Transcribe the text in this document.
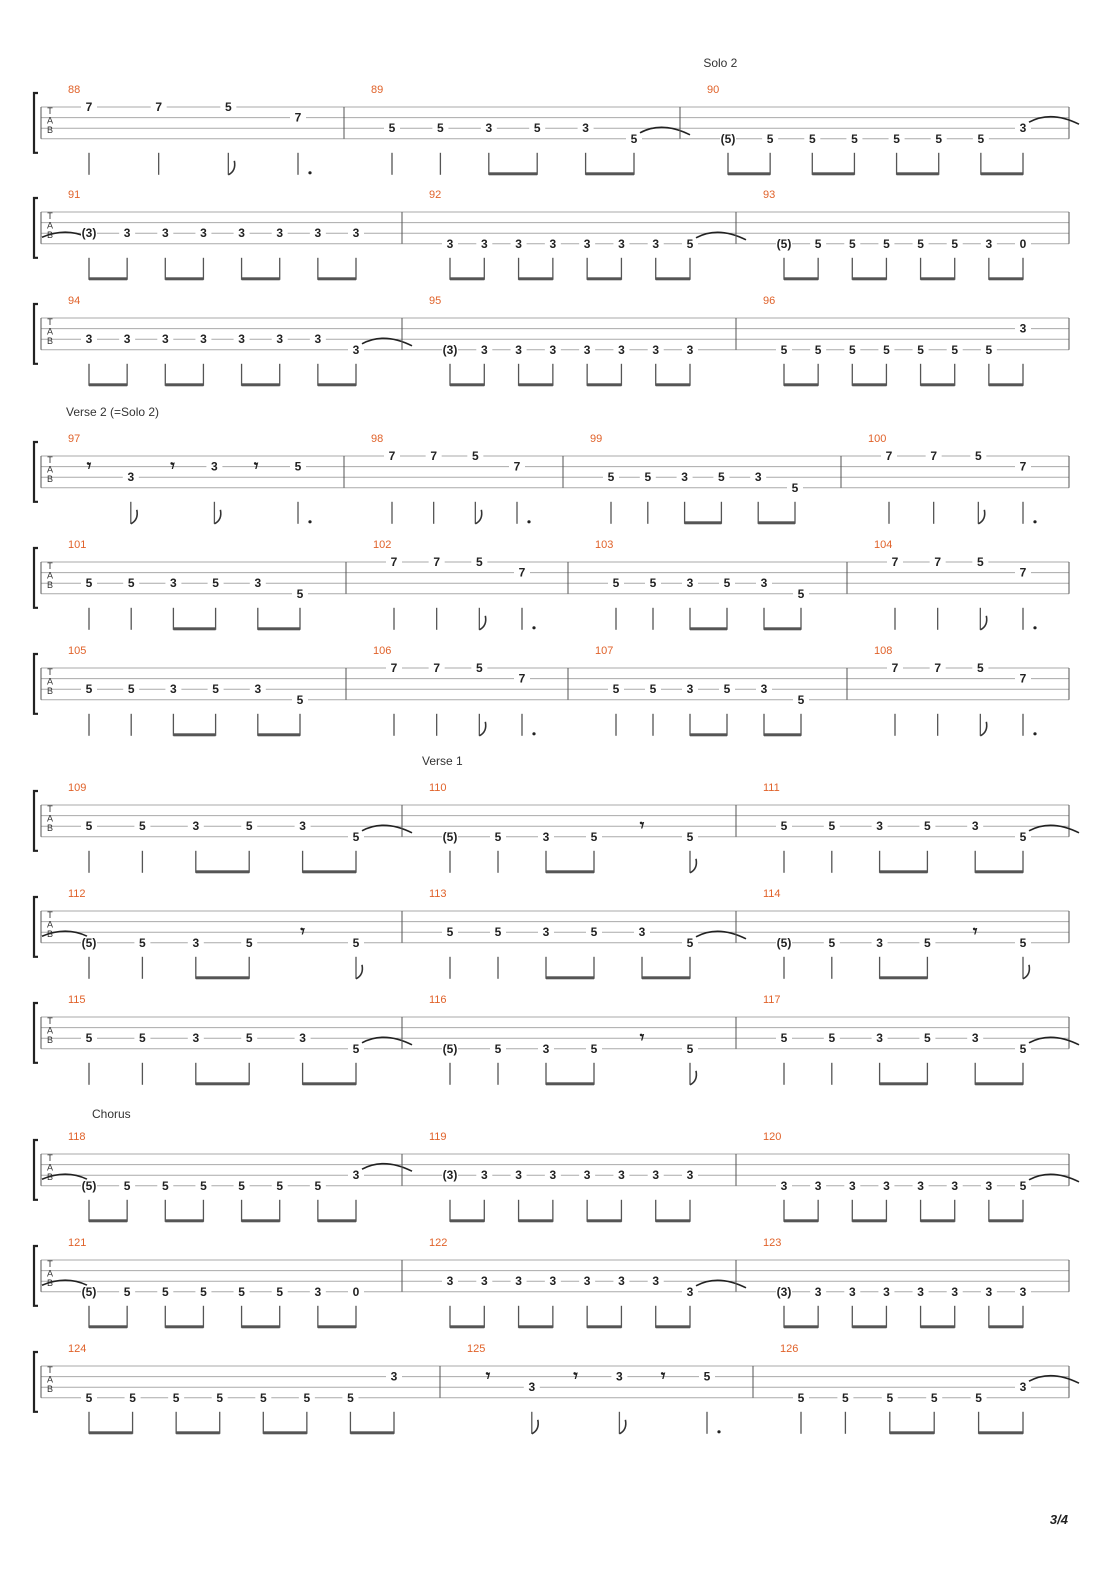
T
A
B
88
7	7	5
7
89
5	5	3	5	3
5
90
Solo 2
(5)	5	5	5	5	5	5
3
T
A
B
91
(3) 3	3	3	3	3	3	3
92
3 3 3 3 3 3 3 5
93
(5) 5 5 5 5 5 3 0
T
A
B
94
3	3	3	3	3	3	3
3
95
(3) 3 3 3 3 3 3 3
96
5 5 5 5 5 5 5
3
T
A
B
97
Verse 2 (=Solo 2)
𝄾
3
𝄾	3 𝄾	5
98
7	7	5
7
99
5	5	3	5	3
5
100
7	7	5
7
T
A
B
101
5	5	3	5	3
5
102
7	7	5
7
103
5	5	3	5	3
5
104
7	7	5
7
T
A
B
105
5	5	3	5	3
5
106
7	7	5
7
107
5	5	3	5	3
5
108
7	7	5
7
T
A
B
109
5	5	3	5	3
5
110
Verse 1
(5)	5	3	5
𝄾
5
111
5	5	3	5	3
5
T
A
B
112
(5)	5	3	5
𝄾
5
113
5	5	3	5	3
5
114
(5)	5	3	5
𝄾
5
T
A
B
115
5	5	3	5	3
5
116
(5)	5	3	5
𝄾
5
117
5	5	3	5	3
5
T
A
B
Chorus
118
(5) 5	5	5	5	5	5
3
119
(3) 3 3 3 3 3 3 3
120
3 3 3 3 3 3 3 5
T
A
B
121
(5) 5	5	5	5	5	3	0
122
3 3 3 3 3 3 3
3
123
(3) 3 3 3 3 3 3 3
T
A
B
124
5	5	5	5	5	5	5
3
125
𝄾
3
𝄾	3 𝄾	5
126
5	5	5	5	5
3
3/4
